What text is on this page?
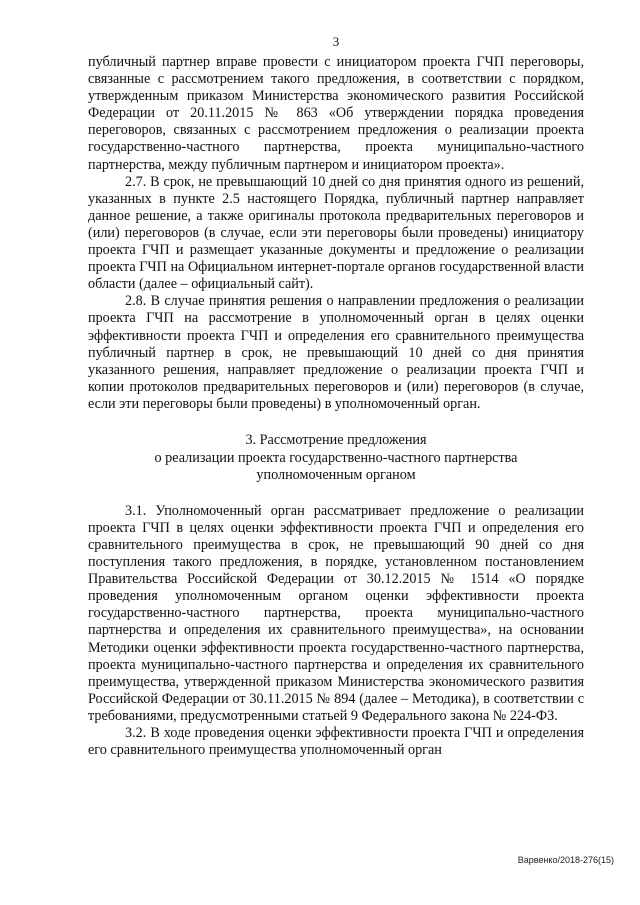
3

публичный партнер вправе провести с инициатором проекта ГЧП переговоры, связанные с рассмотрением такого предложения, в соответствии с порядком, утвержденным приказом Министерства экономического развития Российской Федерации от 20.11.2015 № 863 «Об утверждении порядка проведения переговоров, связанных с рассмотрением предложения о реализации проекта государственно-частного партнерства, проекта муниципально-частного партнерства, между публичным партнером и инициатором проекта».

2.7. В срок, не превышающий 10 дней со дня принятия одного из решений, указанных в пункте 2.5 настоящего Порядка, публичный партнер направляет данное решение, а также оригиналы протокола предварительных переговоров и (или) переговоров (в случае, если эти переговоры были проведены) инициатору проекта ГЧП и размещает указанные документы и предложение о реализации проекта ГЧП на Официальном интернет-портале органов государственной власти области (далее – официальный сайт).

2.8. В случае принятия решения о направлении предложения о реализации проекта ГЧП на рассмотрение в уполномоченный орган в целях оценки эффективности проекта ГЧП и определения его сравнительного преимущества публичный партнер в срок, не превышающий 10 дней со дня принятия указанного решения, направляет предложение о реализации проекта ГЧП и копии протоколов предварительных переговоров и (или) переговоров (в случае, если эти переговоры были проведены) в уполномоченный орган.

3. Рассмотрение предложения
о реализации проекта государственно-частного партнерства
уполномоченным органом

3.1. Уполномоченный орган рассматривает предложение о реализации проекта ГЧП в целях оценки эффективности проекта ГЧП и определения его сравнительного преимущества в срок, не превышающий 90 дней со дня поступления такого предложения, в порядке, установленном постановлением Правительства Российской Федерации от 30.12.2015 № 1514 «О порядке проведения уполномоченным органом оценки эффективности проекта государственно-частного партнерства, проекта муниципально-частного партнерства и определения их сравнительного преимущества», на основании Методики оценки эффективности проекта государственно-частного партнерства, проекта муниципально-частного партнерства и определения их сравнительного преимущества, утвержденной приказом Министерства экономического развития Российской Федерации от 30.11.2015 № 894 (далее – Методика), в соответствии с требованиями, предусмотренными статьей 9 Федерального закона № 224-ФЗ.

3.2. В ходе проведения оценки эффективности проекта ГЧП и определения его сравнительного преимущества уполномоченный орган

Варвенко/2018-276(15)
